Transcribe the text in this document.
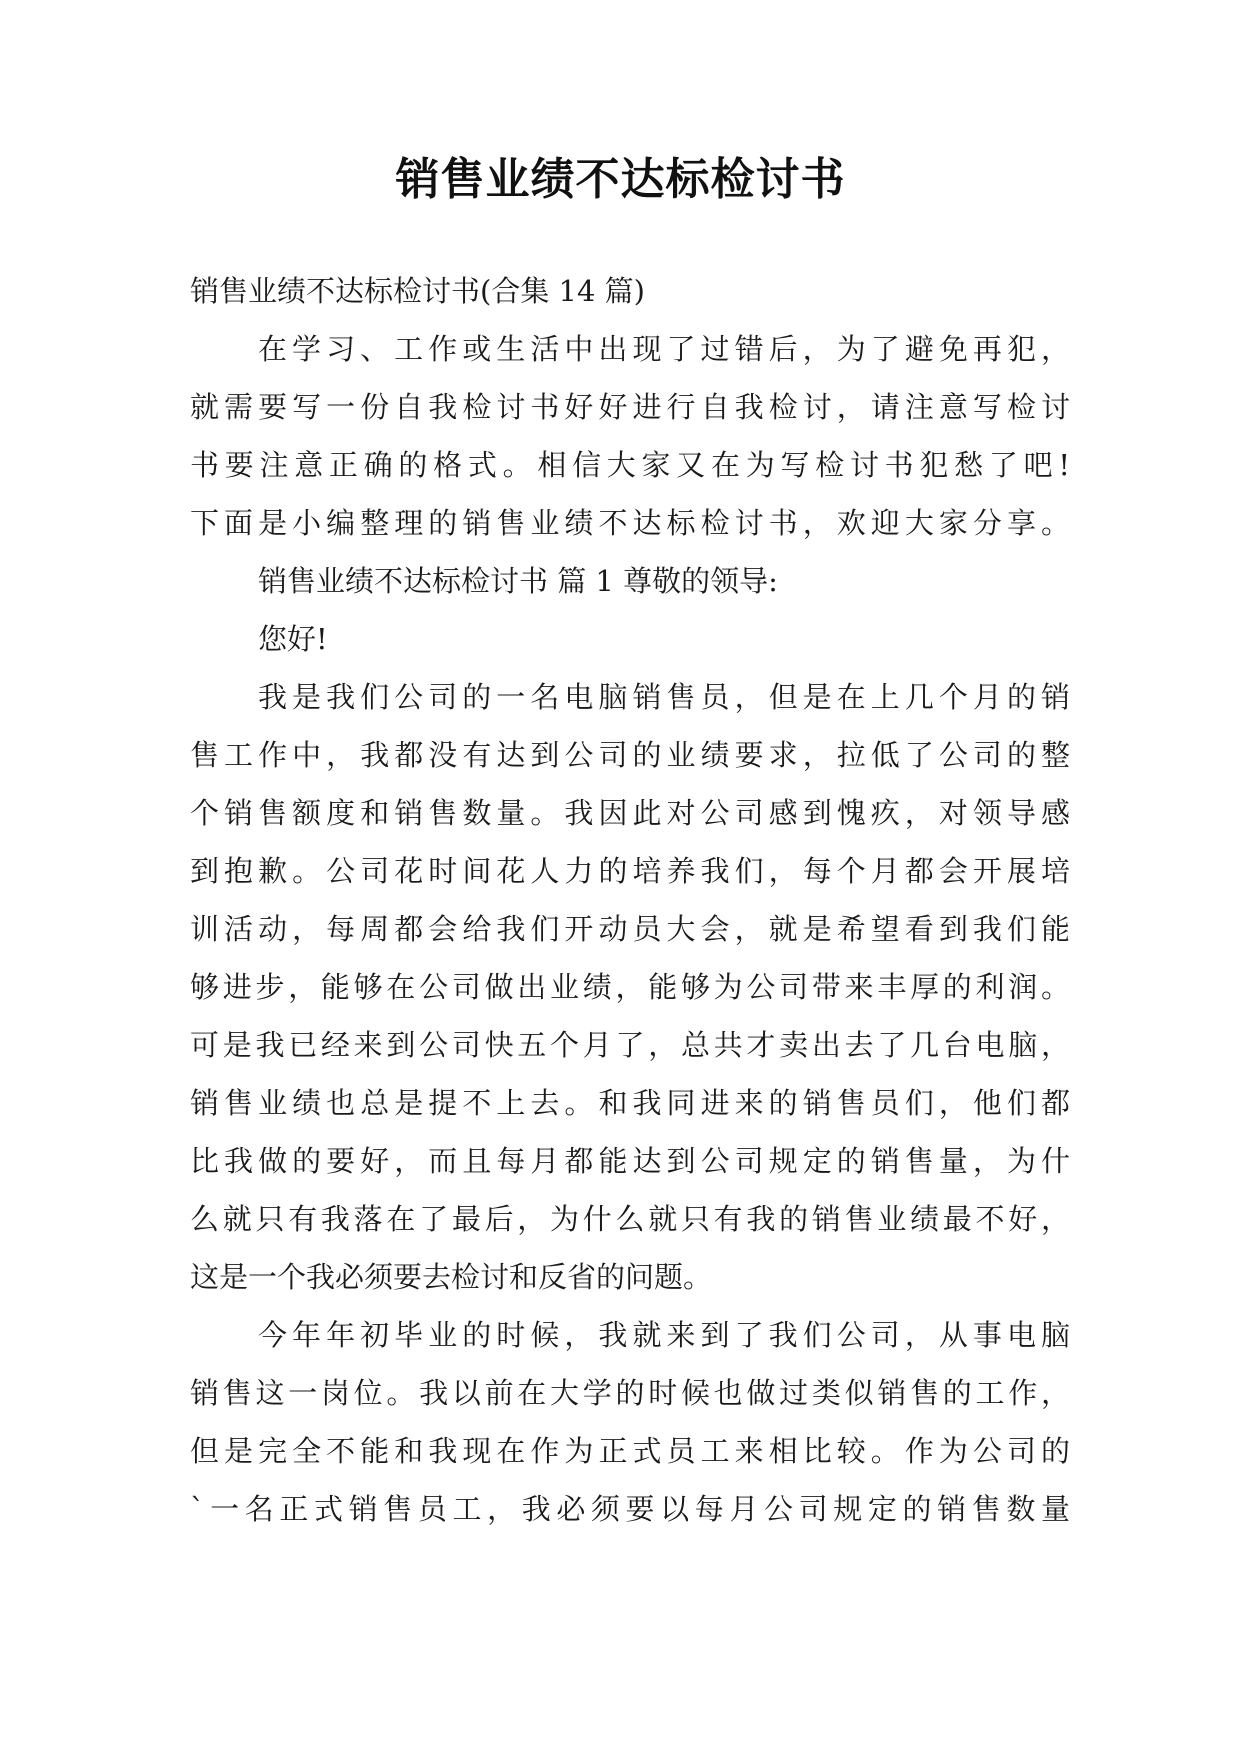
销售业绩不达标检讨书
销售业绩不达标检讨书(合集 14 篇)
在学习、工作或生活中出现了过错后，为了避免再犯，
就需要写一份自我检讨书好好进行自我检讨，请注意写检讨
书要注意正确的格式。相信大家又在为写检讨书犯愁了吧!
下面是小编整理的销售业绩不达标检讨书，欢迎大家分享。
销售业绩不达标检讨书 篇 1 尊敬的领导:
您好!
我是我们公司的一名电脑销售员，但是在上几个月的销
售工作中，我都没有达到公司的业绩要求，拉低了公司的整
个销售额度和销售数量。我因此对公司感到愧疚，对领导感
到抱歉。公司花时间花人力的培养我们，每个月都会开展培
训活动，每周都会给我们开动员大会，就是希望看到我们能
够进步，能够在公司做出业绩，能够为公司带来丰厚的利润。
可是我已经来到公司快五个月了，总共才卖出去了几台电脑，
销售业绩也总是提不上去。和我同进来的销售员们，他们都
比我做的要好，而且每月都能达到公司规定的销售量，为什
么就只有我落在了最后，为什么就只有我的销售业绩最不好，
这是一个我必须要去检讨和反省的问题。
今年年初毕业的时候，我就来到了我们公司，从事电脑
销售这一岗位。我以前在大学的时候也做过类似销售的工作，
但是完全不能和我现在作为正式员工来相比较。作为公司的
`一名正式销售员工，我必须要以每月公司规定的销售数量
